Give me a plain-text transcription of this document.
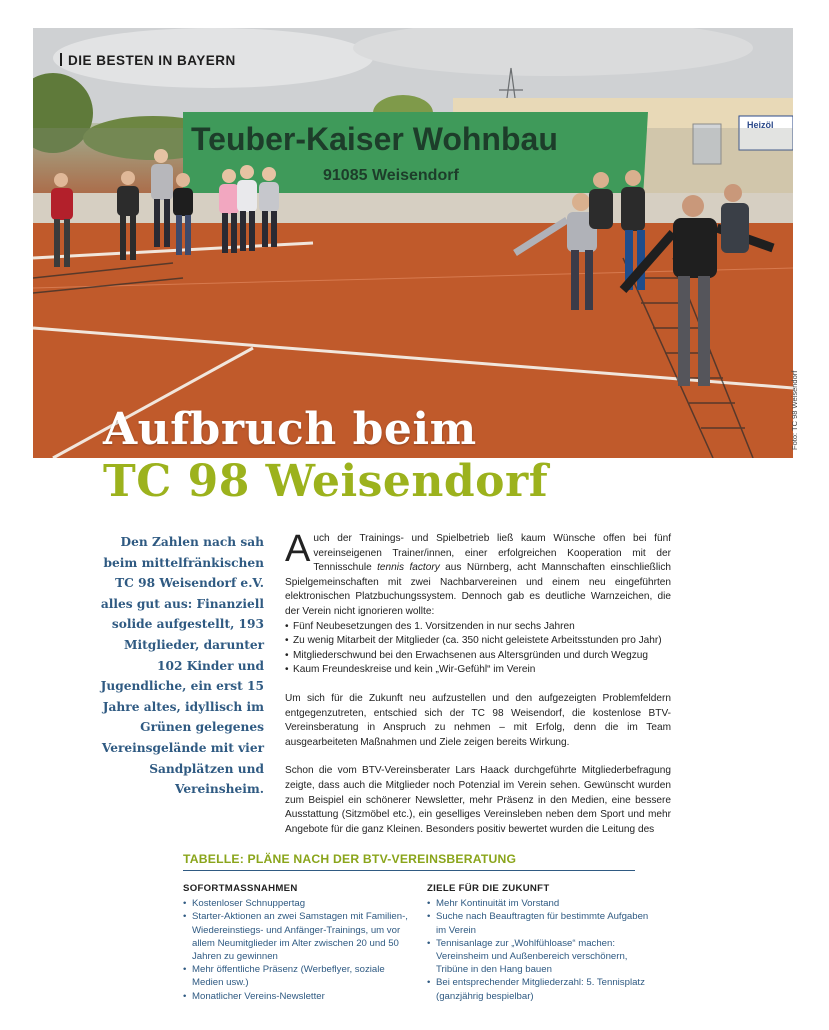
Heizöl
Teuber-Kaiser Wohnbau
91085 Weisendorf
DIE BESTEN IN BAYERN
Foto: TC 98 Weisendorf
Aufbruch beim
TC 98 Weisendorf
Den Zahlen nach sah beim mittelfränkischen TC 98 Weisendorf e.V. alles gut aus: Finanziell solide aufgestellt, 193 Mitglieder, darunter 102 Kinder und Jugendliche, ein erst 15 Jahre altes, idyllisch im Grünen gelegenes Vereinsgelände mit vier Sandplätzen und Vereinsheim.

Auch der Trainings- und Spielbetrieb ließ kaum Wünsche offen bei fünf vereinseigenen Trainer/innen, einer erfolgreichen Kooperation mit der Tennisschule tennis factory aus Nürnberg, acht Mannschaften einschließlich Spielgemeinschaften mit zwei Nachbarvereinen und einem neu eingeführten elektronischen Platzbuchungssystem. Dennoch gab es deutliche Warnzeichen, die der Verein nicht ignorieren wollte:

• Fünf Neubesetzungen des 1. Vorsitzenden in nur sechs Jahren
• Zu wenig Mitarbeit der Mitglieder (ca. 350 nicht geleistete Arbeitsstunden pro Jahr)
• Mitgliederschwund bei den Erwachsenen aus Altersgründen und durch Wegzug
• Kaum Freundeskreise und kein „Wir-Gefühl“ im Verein

Um sich für die Zukunft neu aufzustellen und den aufgezeigten Problemfeldern entgegenzutreten, entschied sich der TC 98 Weisendorf, die kostenlose BTV-Vereinsberatung in Anspruch zu nehmen – mit Erfolg, denn die im Team ausgearbeiteten Maßnahmen und Ziele zeigen bereits Wirkung.

Schon die vom BTV-Vereinsberater Lars Haack durchgeführte Mitgliederbefragung zeigte, dass auch die Mitglieder noch Potenzial im Verein sehen. Gewünscht wurden zum Beispiel ein schönerer Newsletter, mehr Präsenz in den Medien, eine bessere Ausstattung (Sitzmöbel etc.), ein geselliges Vereinsleben neben dem Sport und mehr Angebote für die ganz Kleinen. Besonders positiv bewertet wurden die Leitung des

TABELLE: PLÄNE NACH DER BTV-VEREINSBERATUNG
SOFORTMASSNAHMEN
• Kostenloser Schnuppertag
• Starter-Aktionen an zwei Samstagen mit Familien-, Wiedereinstiegs- und Anfänger-Trainings, um vor allem Neumitglieder im Alter zwischen 20 und 50 Jahren zu gewinnen
• Mehr öffentliche Präsenz (Werbeflyer, soziale Medien usw.)
• Monatlicher Vereins-Newsletter
ZIELE FÜR DIE ZUKUNFT
• Mehr Kontinuität im Vorstand
• Suche nach Beauftragten für bestimmte Aufgaben im Verein
• Tennisanlage zur „Wohlfühloase“ machen: Vereinsheim und Außenbereich verschönern, Tribüne in den Hang bauen
• Bei entsprechender Mitgliederzahl: 5. Tennisplatz (ganzjährig bespielbar)
